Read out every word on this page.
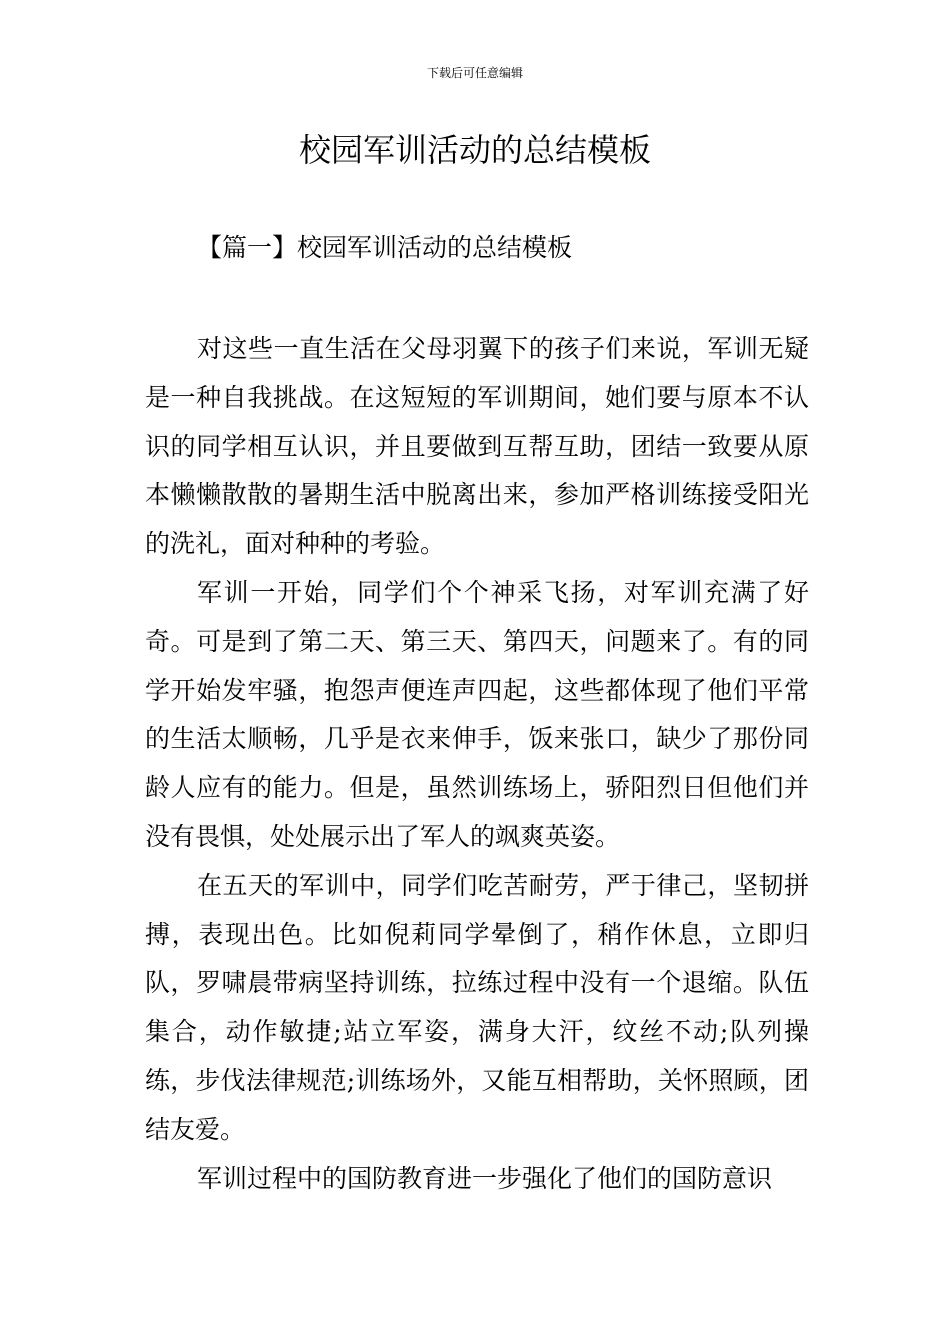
下载后可任意编辑
校园军训活动的总结模板
【篇一】校园军训活动的总结模板

对这些一直生活在父母羽翼下的孩子们来说，军训无疑是一种自我挑战。在这短短的军训期间，她们要与原本不认识的同学相互认识，并且要做到互帮互助，团结一致要从原本懒懒散散的暑期生活中脱离出来，参加严格训练接受阳光的洗礼，面对种种的考验。

军训一开始，同学们个个神采飞扬，对军训充满了好奇。可是到了第二天、第三天、第四天，问题来了。有的同学开始发牢骚，抱怨声便连声四起，这些都体现了他们平常的生活太顺畅，几乎是衣来伸手，饭来张口，缺少了那份同龄人应有的能力。但是，虽然训练场上，骄阳烈日但他们并没有畏惧，处处展示出了军人的飒爽英姿。

在五天的军训中，同学们吃苦耐劳，严于律己，坚韧拼搏，表现出色。比如倪莉同学晕倒了，稍作休息，立即归队，罗啸晨带病坚持训练，拉练过程中没有一个退缩。队伍集合，动作敏捷;站立军姿，满身大汗，纹丝不动;队列操练，步伐法律规范;训练场外，又能互相帮助，关怀照顾，团结友爱。

军训过程中的国防教育进一步强化了他们的国防意识
